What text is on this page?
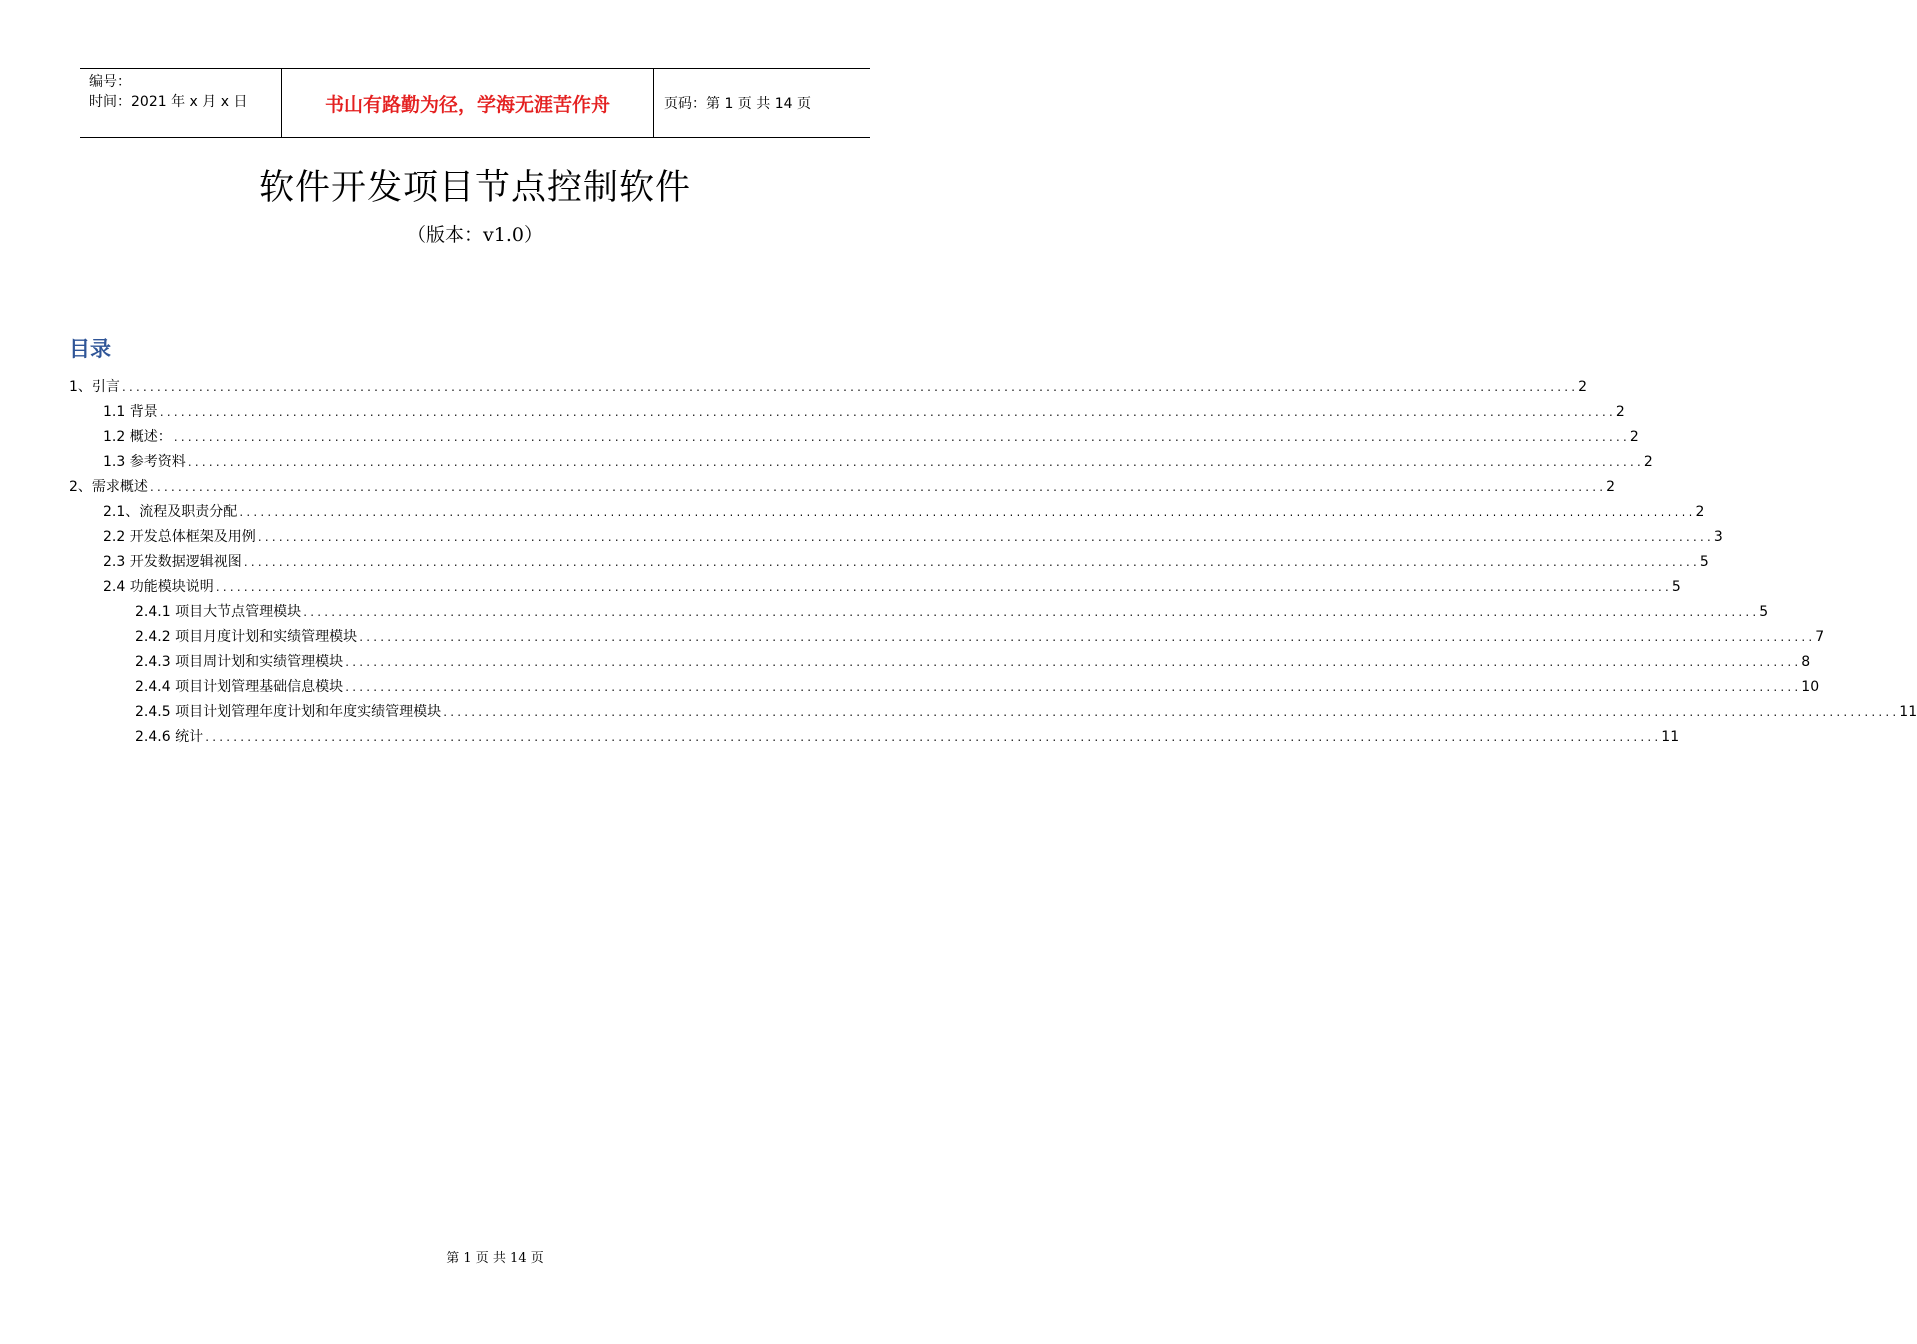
编号：
时间：2021 年 x 月 x 日	书山有路勤为径，学海无涯苦作舟	页码：第 1 页 共 14 页
软件开发项目节点控制软件
（版本：v1.0）
目录
1、 引言 ................................................................................................................................................................................................................ 2
1.1 背景 ................................................................................................................................................................................................................ 2
1.2 概述： ................................................................................................................................................................................................................ 2
1.3 参考资料 ................................................................................................................................................................................................................ 2
2、 需求概述 ................................................................................................................................................................................................................ 2
2.1、流程及职责分配 ................................................................................................................................................................................................................ 2
2.2 开发总体框架及用例 ................................................................................................................................................................................................................ 3
2.3 开发数据逻辑视图 ................................................................................................................................................................................................................ 5
2.4 功能模块说明 ................................................................................................................................................................................................................ 5
2.4.1 项目大节点管理模块 ................................................................................................................................................................................................................ 5
2.4.2 项目月度计划和实绩管理模块 ................................................................................................................................................................................................................ 7
2.4.3 项目周计划和实绩管理模块 ................................................................................................................................................................................................................ 8
2.4.4 项目计划管理基础信息模块 ................................................................................................................................................................................................................ 10
2.4.5 项目计划管理年度计划和年度实绩管理模块 ................................................................................................................................................................................................................ 11
2.4.6 统计 ................................................................................................................................................................................................................ 11
第 1 页 共 14 页
